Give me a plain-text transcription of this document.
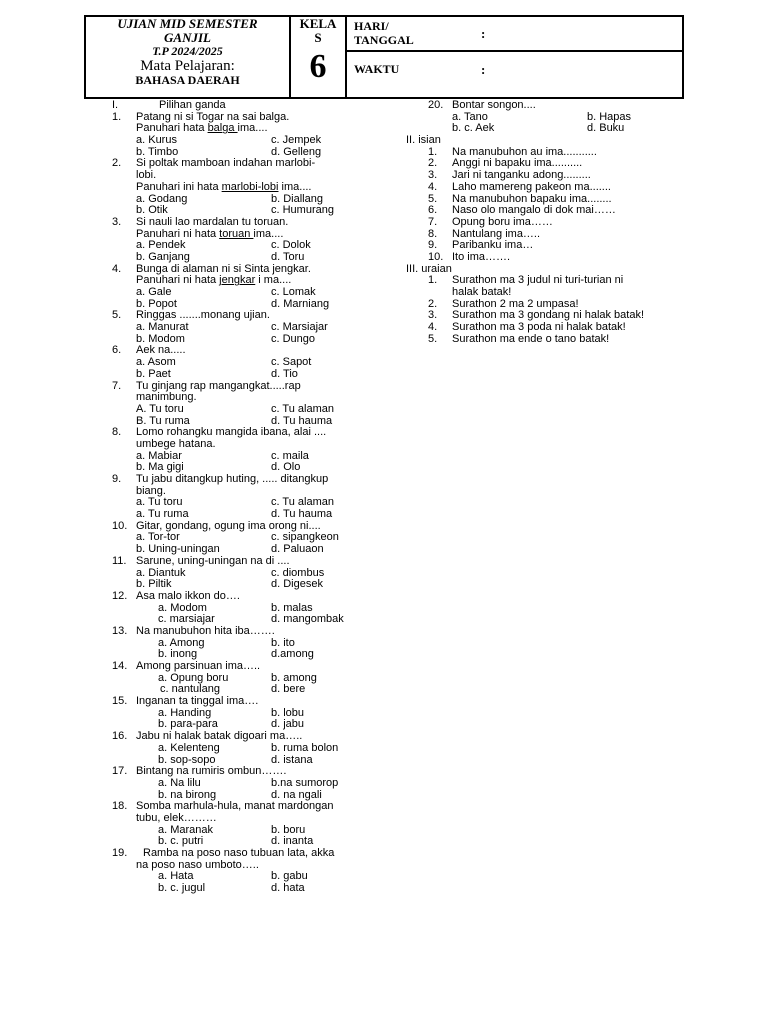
UJIAN MID SEMESTER
GANJIL
T.P 2024/2025
Mata Pelajaran:
BAHASA DAERAH
KELA
S
6
HARI/
TANGGAL	:
WAKTU	:
I.	Pilihan ganda
1. Patang ni si Togar na sai balga.
Panuhari hata balga ima....
a. Kurus	c. Jempek
b. Timbo	d. Gelleng
2. Si poltak mamboan indahan marlobi-
lobi.
Panuhari ini hata marlobi-lobi ima....
a. Godang	b. Diallang
b. Otik	c. Humurang
3. Si nauli lao mardalan tu toruan.
Panuhari ni hata toruan ima....
a. Pendek	c. Dolok
b. Ganjang	d. Toru
4. Bunga di alaman ni si Sinta jengkar.
Panuhari ni hata jengkar i ma....
a. Gale	c. Lomak
b. Popot	d. Marniang
5. Ringgas .......monang ujian.
a. Manurat	c. Marsiajar
b. Modom	c. Dungo
6. Aek na.....
a. Asom	c. Sapot
b. Paet	d. Tio
7. Tu ginjang rap mangangkat.....rap
manimbung.
A. Tu toru	c. Tu alaman
B. Tu ruma	d. Tu hauma
8. Lomo rohangku mangida ibana, alai ....
umbege hatana.
a. Mabiar	c. maila
b. Ma gigi	d. Olo
9. Tu jabu ditangkup huting, ..... ditangkup
biang.
a. Tu toru	c. Tu alaman
a. Tu ruma	d. Tu hauma
10. Gitar, gondang, ogung ima orong ni....
a. Tor-tor	c. sipangkeon
b. Uning-uningan	d. Paluaon
11. Sarune, uning-uningan na di ....
a. Diantuk	c. diombus
b. Piltik	d. Digesek
12. Asa malo ikkon do….
a. Modom	b. malas
c. marsiajar	d. mangombak
13. Na manubuhon hita iba…….
a. Among	b. ito
b. inong	d.among
14. Among parsinuan ima…..
a. Opung boru	b. among
c. nantulang	d. bere
15. Inganan ta tinggal ima….
a. Handing	b. lobu
b. para-para	d. jabu
16. Jabu ni halak batak digoari ma…..
a. Kelenteng	b. ruma bolon
b. sop-sopo	d. istana
17. Bintang na rumiris ombun…….
a. Na lilu	b.na sumorop
b. na birong	d. na ngali
18. Somba marhula-hula, manat mardongan
tubu, elek………
a. Maranak	b. boru
b. c. putri	d. inanta
19. Ramba na poso naso tubuan lata, akka
na poso naso umboto…..
a. Hata	b. gabu
b. c. jugul	d. hata
20. Bontar songon....
a. Tano	b. Hapas
b. c. Aek	d. Buku
II. isian
1. Na manubuhon au ima...........
2. Anggi ni bapaku ima..........
3. Jari ni tanganku adong.........
4. Laho mamereng pakeon ma.......
5. Na manubuhon bapaku ima........
6. Naso olo mangalo di dok mai……
7. Opung boru ima……
8. Nantulang ima…..
9. Paribanku ima…
10. Ito ima…….
III. uraian
1. Surathon ma 3 judul ni turi-turian ni
halak batak!
2. Surathon 2 ma 2 umpasa!
3. Surathon ma 3 gondang ni halak batak!
4. Surathon ma 3 poda ni halak batak!
5. Surathon ma ende o tano batak!
